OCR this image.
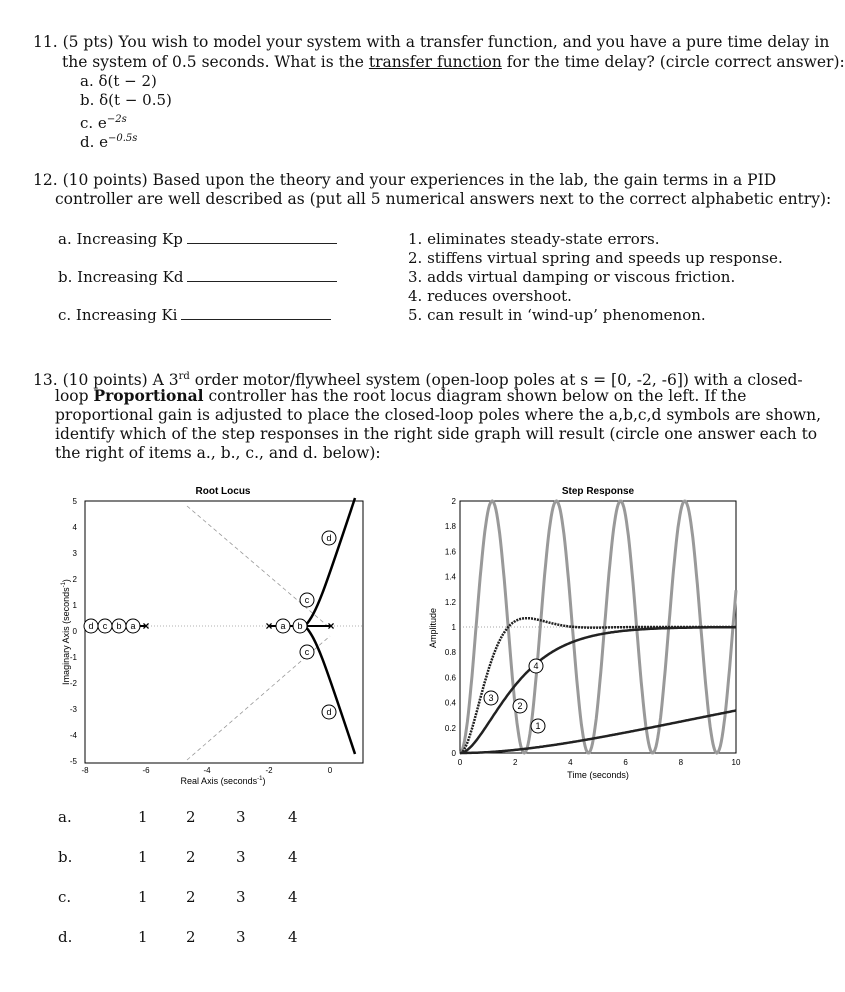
11. (5 pts) You wish to model your system with a transfer function, and you have a pure time delay in
the system of 0.5 seconds. What is the transfer function for the time delay? (circle correct answer):
a. δ(t − 2)
b. δ(t − 0.5)
c. $e^{-2s}$
d. $e^{-0.5s}$
12. (10 points) Based upon the theory and your experiences in the lab, the gain terms in a PID
controller are well described as (put all 5 numerical answers next to the correct alphabetic entry):
a. Increasing Kp
b. Increasing Kd
c. Increasing Ki
1. eliminates steady-state errors.
2. stiffens virtual spring and speeds up response.
3. adds virtual damping or viscous friction.
4. reduces overshoot.
5. can result in ‘wind-up’ phenomenon.
13. (10 points) A 3rd order motor/flywheel system (open-loop poles at s = [0, -2, -6]) with a closed-
loop Proportional controller has the root locus diagram shown below on the left. If the
proportional gain is adjusted to place the closed-loop poles where the a,b,c,d symbols are shown,
identify which of the step responses in the right side graph will result (circle one answer each to
the right of items a., b., c., and d. below):
Root Locus
5
4
3
2
1
0
-1
-2
-3
-4
-5
-8	-6	-4	-2	0
Real Axis (seconds$^{-1}$)
Imaginary Axis (seconds$^{-1}$)
×	×	×
d c b a	a b
c
c
d
d
Step Response
0
0.2
0.4
0.6
0.8
1
1.2
1.4
1.6
1.8
2
0	2	4	6	8	10
Time (seconds)
Amplitude
1
2
3
4
a.	1	2	3	4
b.	1	2	3	4
c.	1	2	3	4
d.	1	2	3	4
